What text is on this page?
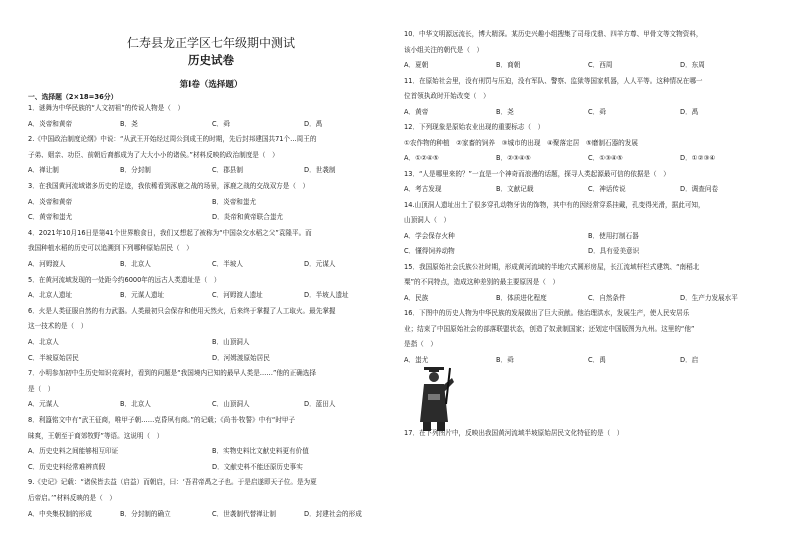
仁寿县龙正学区七年级期中测试
历史试卷
第Ⅰ卷（选择题）
一、选择题（2×18=36分）
1．谜舞为中华民族的“人文初祖”的传说人物是（　）
A．炎帝和黄帝	B．尧	C．舜	D．禹
2.《中国政治制度论纲》中说：“从武王开始经过周公到成王的时期，先后封邦建国共71个…周王的
子弟、姻亲、功臣、前朝后裔都成为了大大小小的诸侯。”材料反映的政治制度是（　）
A．禅让制	B．分封制	C．郡县制	D．世袭制
3．在我国黄河流域诸多历史的足迹，我依稀看到涿鹿之战的场景，涿鹿之战的交战双方是（　）
A．炎帝和黄帝	B．炎帝和蚩尤
C．黄帝和蚩尤	D．炎帝和黄帝联合蚩尤
4．2021年10月16日是第41个世界粮食日，我们又想起了被称为“中国杂交水稻之父”袁隆平。而
我国种植水稻的历史可以追溯到下列哪种原始居民（　）
A．河姆渡人	B．北京人	C．半坡人	D．元谋人
5．在黄河流域发现的一处距今约6000年的远古人类遗址是（　）
A．北京人遗址	B．元谋人遗址	C．河姆渡人遗址	D．半坡人遗址
6．火是人类征服自然的有力武器。人类最初只会保存和使用天然火，后来终于掌握了人工取火。最先掌握
这一技术的是（　）
A．北京人	B．山顶洞人
C．半坡原始居民	D．河姆渡原始居民
7．小明参加初中生历史知识竞赛时，看到的问题是“我国境内已知的最早人类是……”他的正确选择
是（　）
A．元谋人	B．北京人	C．山顶洞人	D．蓝田人
8．利簋铭文中有“武王征商，唯甲子朝……克昏夙有商。”的记载；《尚书·牧誓》中有“时甲子
昧爽，王朝至于商郊牧野”等语。这说明（　）
A．历史史料之间能够相互印证	B．实物史料比文献史料更有价值
C．历史史料经常难辨真假	D．文献史料不能还原历史事实
9.《史记》记载：“诸侯皆去益（启益）而朝启，曰：‘吾君帝禹之子也。于是启遂即天子位。是为夏
后帝启。’”材料反映的是（　）
A．中央集权制的形成	B．分封制的确立	C．世袭制代替禅让制	D．封建社会的形成
10．中华文明源远流长，博大精深。某历史兴趣小组搜集了司母戊鼎、四羊方尊、甲骨文等文物资料，
该小组关注的朝代是（　）
A．夏朝	B．商朝	C．西周	D．东周
11．在原始社会里，没有刑罚与压迫，没有军队、警察、监狱等国家机器，人人平等。这种情况在哪一
位首领执政时开始改变（　）
A．黄帝	B．尧	C．舜	D．禹
12．下列现象是原始农业出现的重要标志（　）
①农作物的种植　②家畜的饲养　③城市的出现　④聚落定居　⑤磨制石器的发展
A．①②④⑤	B．②③④⑤	C．①③④⑤	D．①②③④
13．“人是哪里来的？”一直是一个神奇而浪漫的话题，探寻人类起源最可信的依据是（　）
A．考古发现	B．文献记载	C．神话传说	D．调查问卷
14.山顶洞人遗址出土了很多穿孔动物牙齿的饰物，其中有的因经常穿系挂戴，孔变得光滑，据此可知，
山顶洞人（　）
A．学会保存火种	B．使用打制石器
C．懂得饲养动物	D．具有爱美意识
15．我国原始社会氏族公社时期，形成黄河流域的半地穴式圆形房屋，长江流域杆栏式建筑、“南稻北
粟”的不同特点，造成这种差别的最主要原因是（　）
A．民族	B．体质进化程度	C．自然条件	D．生产力发展水平
16．下图中的历史人物为中华民族的发展做出了巨大贡献。他治理洪水，发展生产，使人民安居乐
业；结束了中国原始社会的部落联盟状态，创造了奴隶制国家；还划定中国版图为九州。这里的“他”
是指（　）
A．蚩尤	B．舜	C．禹	D．启
17．在下列图片中，反映出我国黄河流域半坡原始居民文化特征的是（　）
